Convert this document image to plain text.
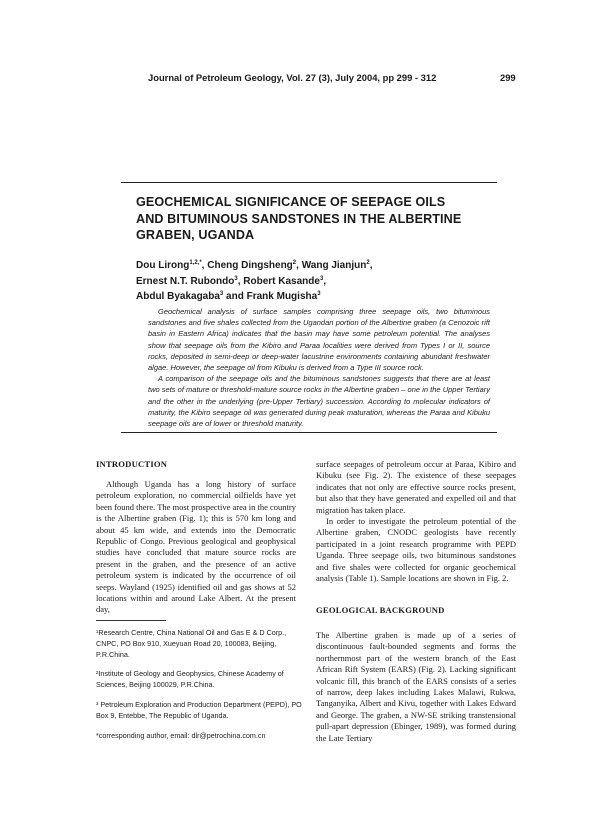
Journal of Petroleum Geology, Vol. 27 (3), July 2004, pp 299 - 312	299
GEOCHEMICAL SIGNIFICANCE OF SEEPAGE OILS
AND BITUMINOUS SANDSTONES IN THE ALBERTINE
GRABEN, UGANDA
Dou Lirong$^{1,2,*}$, Cheng Dingsheng$^2$, Wang Jianjun$^2$,
Ernest N.T. Rubondo$^3$, Robert Kasande$^3$,
Abdul Byakagaba$^3$ and Frank Mugisha$^3$

Geochemical analysis of surface samples comprising three seepage oils, two bituminous sandstones and five shales collected from the Ugandan portion of the Albertine graben (a Cenozoic rift basin in Eastern Africa) indicates that the basin may have some petroleum potential. The analyses show that seepage oils from the Kibiro and Paraa localities were derived from Types I or II, source rocks, deposited in semi-deep or deep-water lacustrine environments containing abundant freshwater algae. However, the seepage oil from Kibuku is derived from a Type III source rock.

A comparison of the seepage oils and the bituminous sandstones suggests that there are at least two sets of mature or threshold-mature source rocks in the Albertine graben – one in the Upper Tertiary and the other in the underlying (pre-Upper Tertiary) succession. According to molecular indicators of maturity, the Kibiro seepage oil was generated during peak maturation, whereas the Paraa and Kibuku seepage oils are of lower or threshold maturity.

INTRODUCTION

Although Uganda has a long history of surface petroleum exploration, no commercial oilfields have yet been found there. The most prospective area in the country is the Albertine graben (Fig. 1); this is 570 km long and about 45 km wide, and extends into the Democratic Republic of Congo. Previous geological and geophysical studies have concluded that mature source rocks are present in the graben, and the presence of an active petroleum system is indicated by the occurrence of oil seeps. Wayland (1925) identified oil and gas shows at 52 locations within and around Lake Albert. At the present day,

¹Research Centre, China National Oil and Gas E & D Corp., CNPC, PO Box 910, Xueyuan Road 20, 100083, Beijing, P.R.China.

²Institute of Geology and Geophysics, Chinese Academy of Sciences, Beijing 100029, P.R.China.

³ Petroleum Exploration and Production Department (PEPD), PO Box 9, Entebbe, The Republic of Uganda.

*corresponding author, email: dlr@petrochina.com.cn

surface seepages of petroleum occur at Paraa, Kibiro and Kibuku (see Fig. 2). The existence of these seepages indicates that not only are effective source rocks present, but also that they have generated and expelled oil and that migration has taken place.

In order to investigate the petroleum potential of the Albertine graben, CNODC geologists have recently participated in a joint research programme with PEPD Uganda. Three seepage oils, two bituminous sandstones and five shales were collected for organic geochemical analysis (Table 1). Sample locations are shown in Fig. 2.

GEOLOGICAL BACKGROUND

The Albertine graben is made up of a series of discontinuous fault-bounded segments and forms the northernmost part of the western branch of the East African Rift System (EARS) (Fig. 2). Lacking significant volcanic fill, this branch of the EARS consists of a series of narrow, deep lakes including Lakes Malawi, Rukwa, Tanganyika, Albert and Kivu, together with Lakes Edward and George. The graben, a NW-SE striking transtensional pull-apart depression (Ebinger, 1989), was formed during the Late Tertiary
